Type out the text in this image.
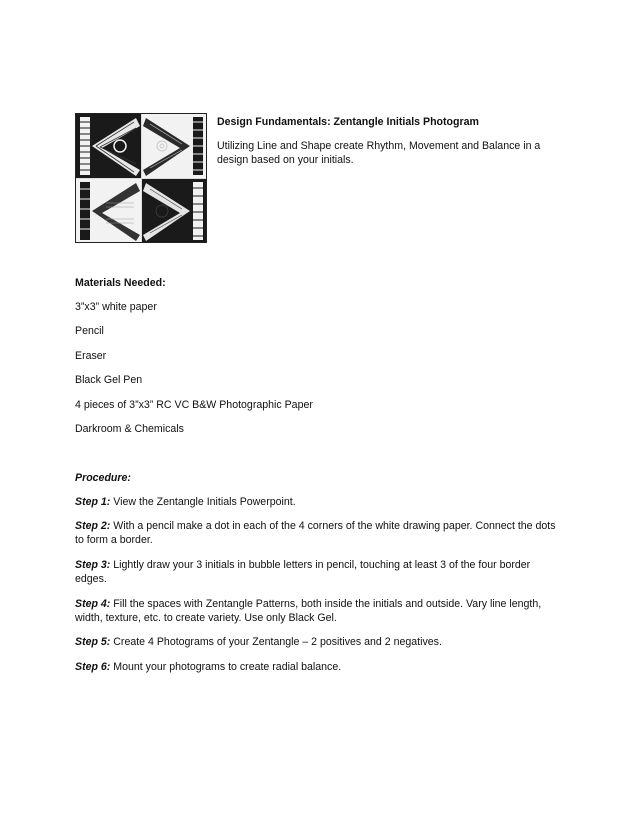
Design Fundamentals: Zentangle Initials Photogram
Utilizing Line and Shape create Rhythm, Movement and Balance in a design based on your initials.
Materials Needed:
3”x3” white paper
Pencil
Eraser
Black Gel Pen
4 pieces of 3”x3” RC VC B&W Photographic Paper
Darkroom & Chemicals
Procedure:
Step 1: View the Zentangle Initials Powerpoint.
Step 2: With a pencil make a dot in each of the 4 corners of the white drawing paper. Connect the dots to form a border.
Step 3: Lightly draw your 3 initials in bubble letters in pencil, touching at least 3 of the four border edges.
Step 4: Fill the spaces with Zentangle Patterns, both inside the initials and outside. Vary line length, width, texture, etc. to create variety. Use only Black Gel.
Step 5: Create 4 Photograms of your Zentangle – 2 positives and 2 negatives.
Step 6: Mount your photograms to create radial balance.
